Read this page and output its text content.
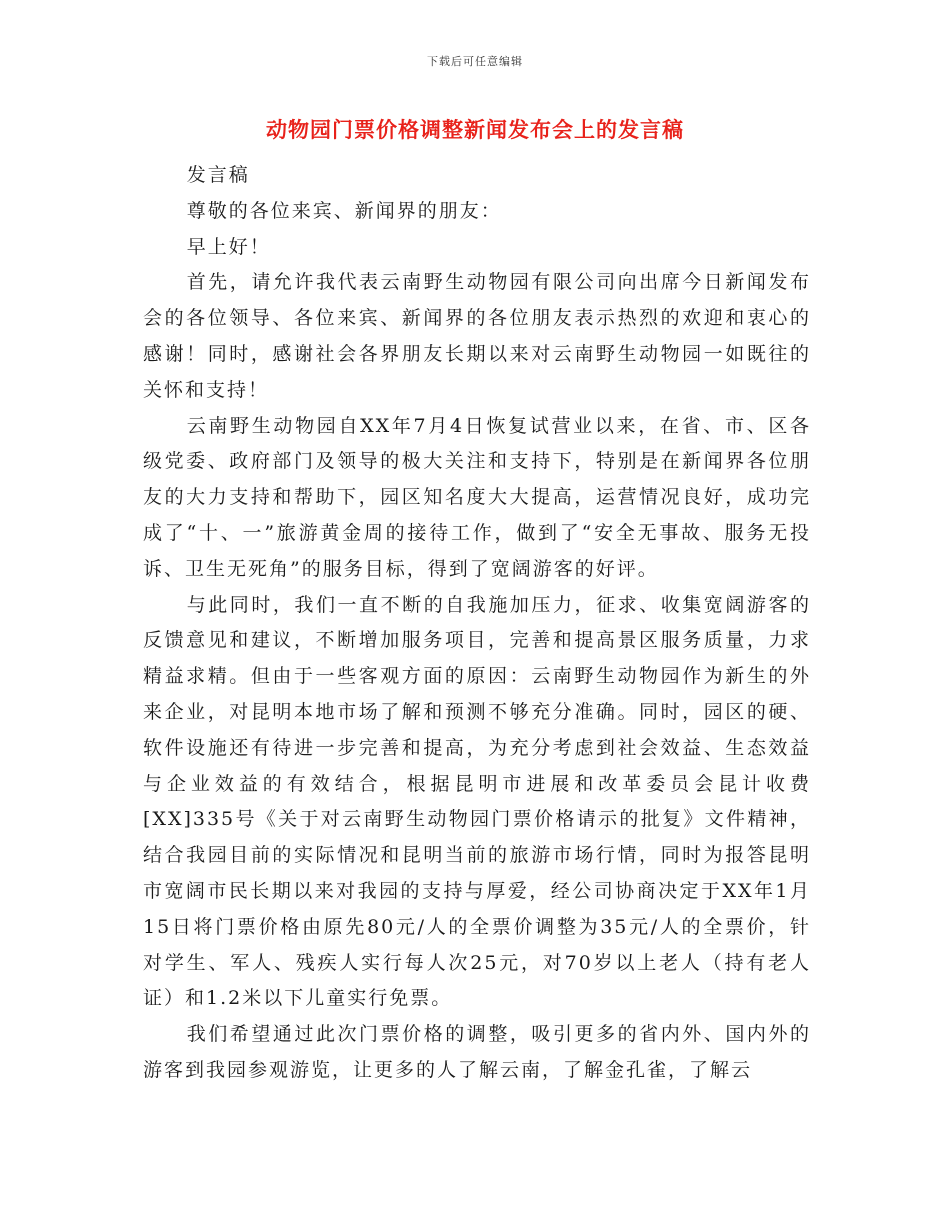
下载后可任意编辑
动物园门票价格调整新闻发布会上的发言稿

发言稿

尊敬的各位来宾、新闻界的朋友：

早上好！

首先，请允许我代表云南野生动物园有限公司向出席今日新闻发布会的各位领导、各位来宾、新闻界的各位朋友表示热烈的欢迎和衷心的感谢！同时，感谢社会各界朋友长期以来对云南野生动物园一如既往的关怀和支持！

云南野生动物园自XX年7月4日恢复试营业以来，在省、市、区各级党委、政府部门及领导的极大关注和支持下，特别是在新闻界各位朋友的大力支持和帮助下，园区知名度大大提高，运营情况良好，成功完成了“十、一”旅游黄金周的接待工作，做到了“安全无事故、服务无投诉、卫生无死角”的服务目标，得到了宽阔游客的好评。

与此同时，我们一直不断的自我施加压力，征求、收集宽阔游客的反馈意见和建议，不断增加服务项目，完善和提高景区服务质量，力求精益求精。但由于一些客观方面的原因：云南野生动物园作为新生的外来企业，对昆明本地市场了解和预测不够充分准确。同时，园区的硬、软件设施还有待进一步完善和提高，为充分考虑到社会效益、生态效益与企业效益的有效结合，根据昆明市进展和改革委员会昆计收费[XX]335号《关于对云南野生动物园门票价格请示的批复》文件精神，结合我园目前的实际情况和昆明当前的旅游市场行情，同时为报答昆明市宽阔市民长期以来对我园的支持与厚爱，经公司协商决定于XX年1月15日将门票价格由原先80元/人的全票价调整为35元/人的全票价，针对学生、军人、残疾人实行每人次25元，对70岁以上老人（持有老人证）和1.2米以下儿童实行免票。

我们希望通过此次门票价格的调整，吸引更多的省内外、国内外的游客到我园参观游览，让更多的人了解云南，了解金孔雀，了解云
